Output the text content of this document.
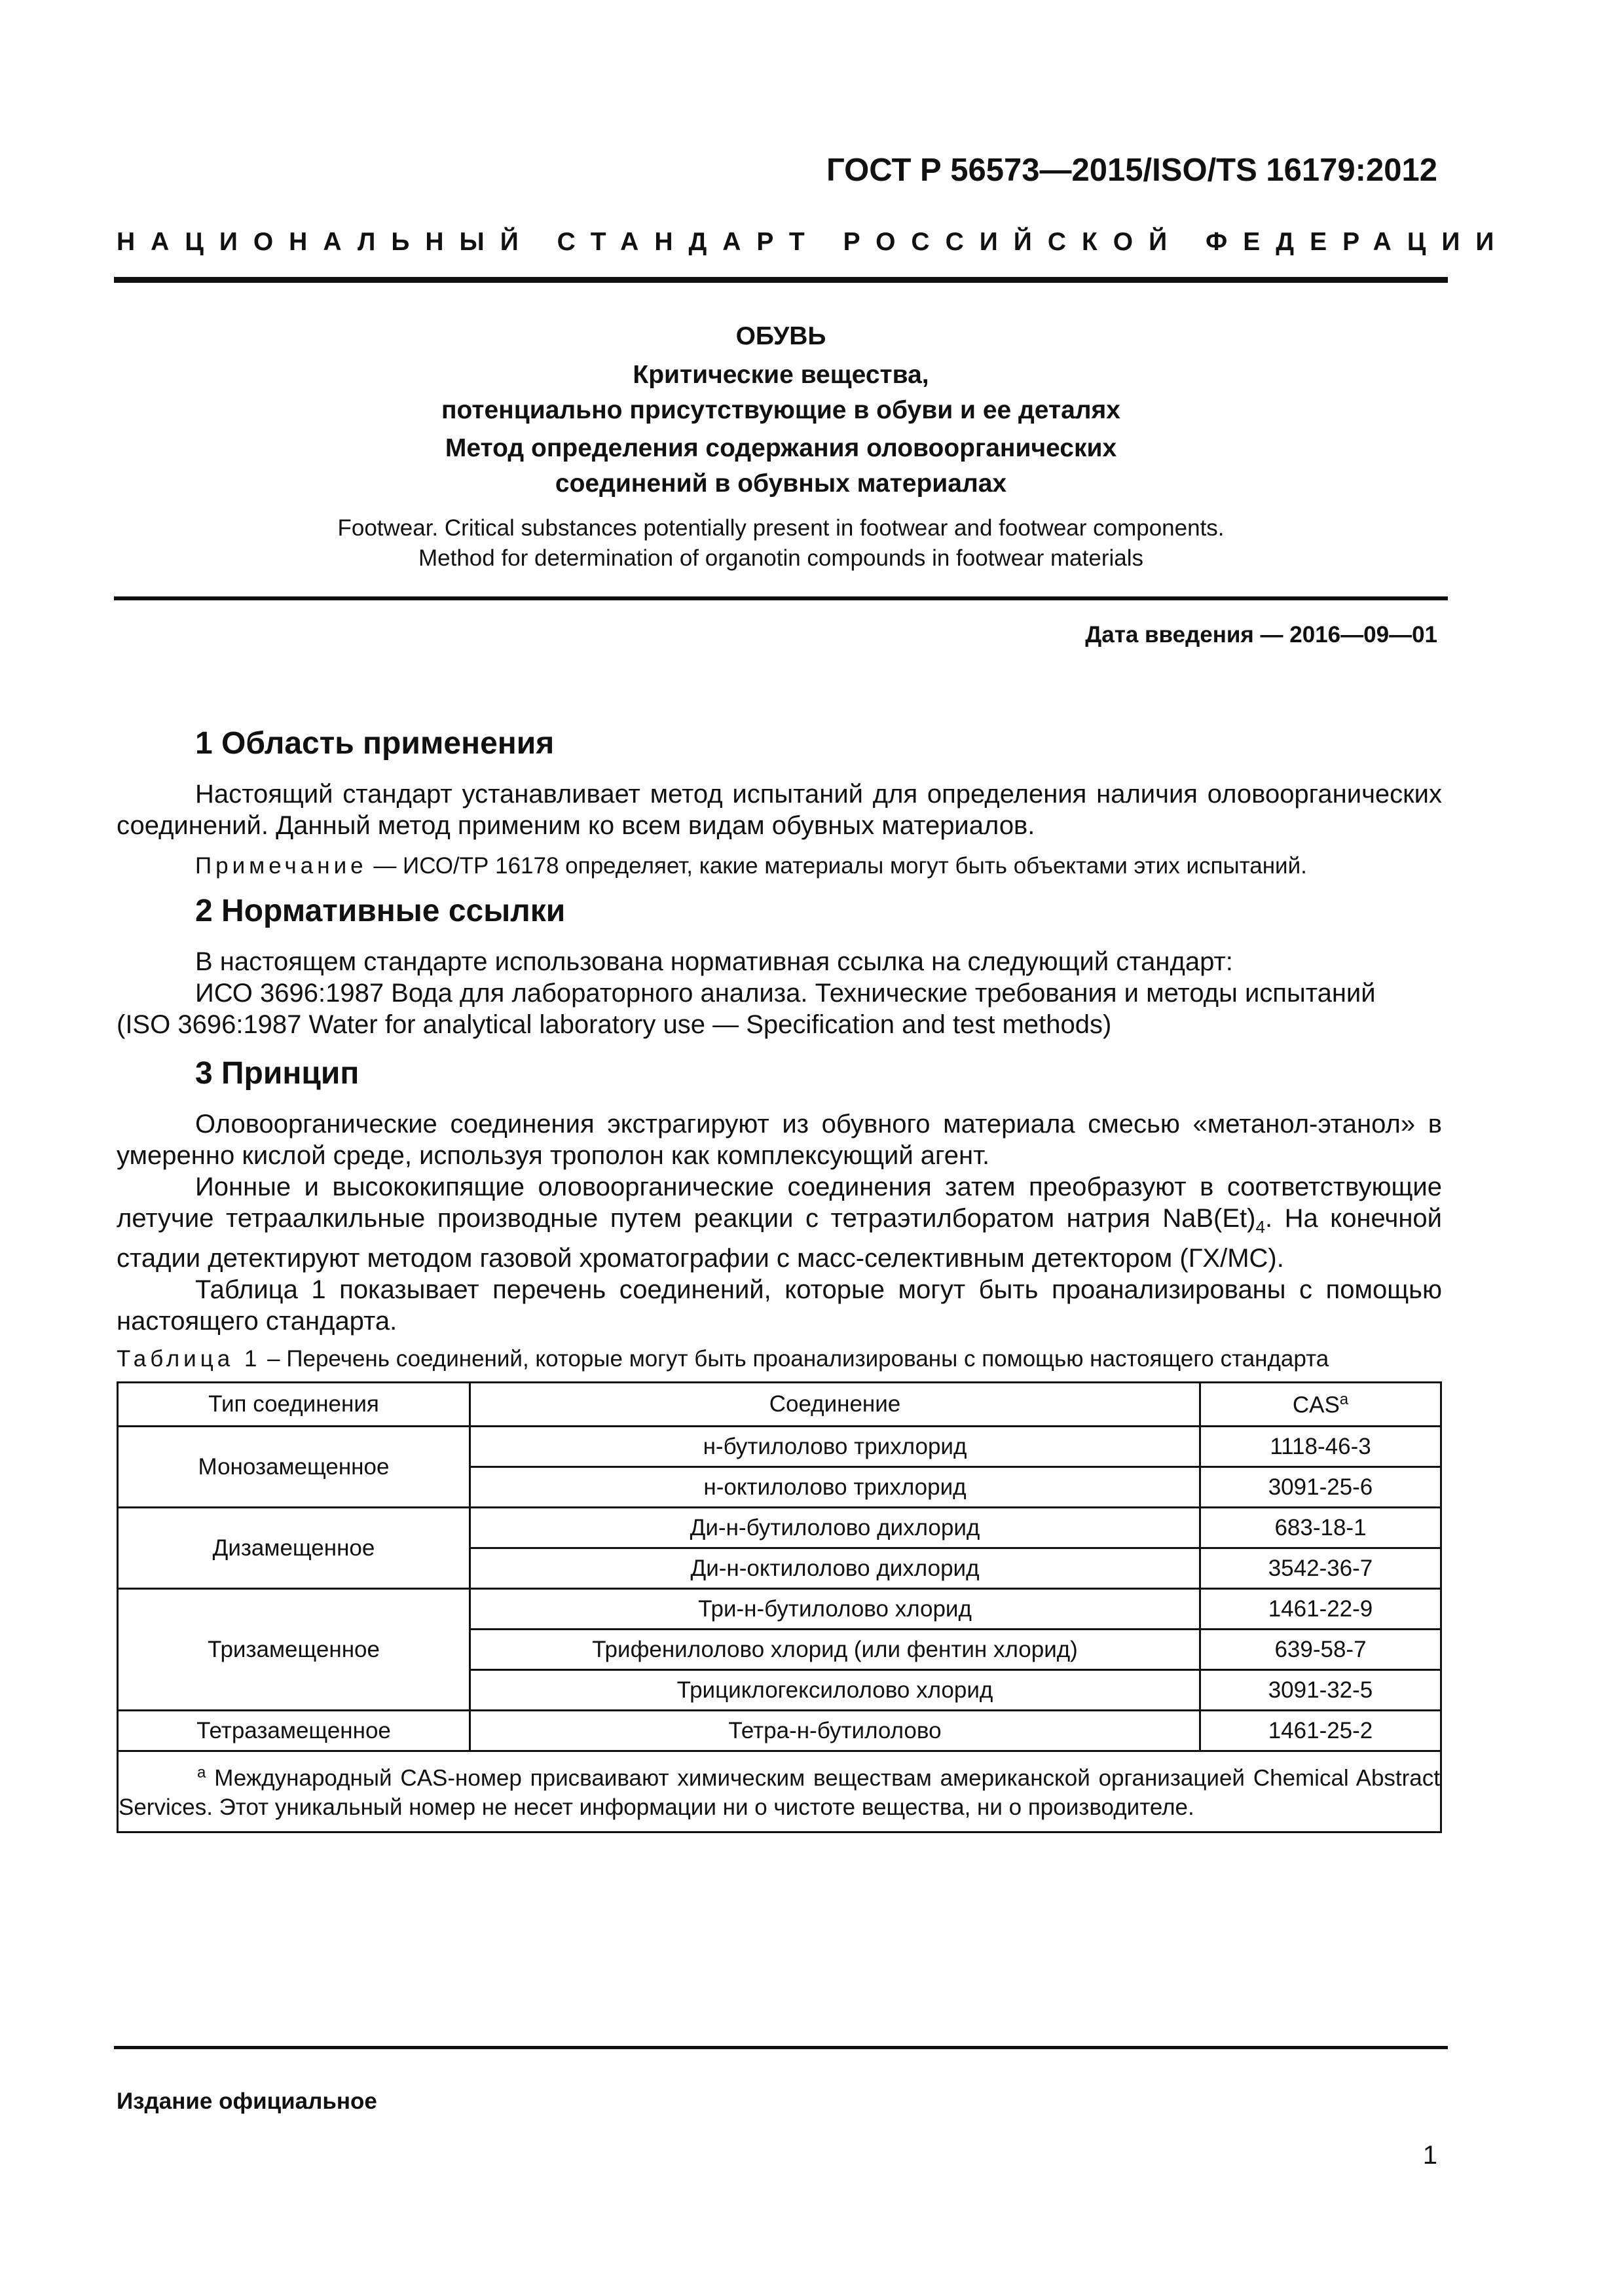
ГОСТ Р 56573—2015/ISO/TS 16179:2012
НАЦИОНАЛЬНЫЙ СТАНДАРТ РОССИЙСКОЙ ФЕДЕРАЦИИ
ОБУВЬ
Критические вещества,
потенциально присутствующие в обуви и ее деталях
Метод определения содержания оловоорганических
соединений в обувных материалах
Footwear. Critical substances potentially present in footwear and footwear components.
Method for determination of organotin compounds in footwear materials
Дата введения — 2016—09—01
1 Область применения

Настоящий стандарт устанавливает метод испытаний для определения наличия оловоорганических соединений. Данный метод применим ко всем видам обувных материалов.

Примечание — ИСО/ТР 16178 определяет, какие материалы могут быть объектами этих испытаний.
2 Нормативные ссылки

В настоящем стандарте использована нормативная ссылка на следующий стандарт:

ИСО 3696:1987 Вода для лабораторного анализа. Технические требования и методы испытаний

(ISO 3696:1987 Water for analytical laboratory use — Specification and test methods)

3 Принцип

Оловоорганические соединения экстрагируют из обувного материала смесью «метанол-этанол» в умеренно кислой среде, используя трополон как комплексующий агент.

Ионные и высококипящие оловоорганические соединения затем преобразуют в соответствующие летучие тетраалкильные производные путем реакции с тетраэтилборатом натрия $NaB(Et)_4$. На конечной стадии детектируют методом газовой хроматографии с масс-селективным детектором (ГХ/МС).

Таблица 1 показывает перечень соединений, которые могут быть проанализированы с помощью настоящего стандарта.

Таблица 1 – Перечень соединений, которые могут быть проанализированы с помощью настоящего стандарта
Тип соединения	Соединение	CAS$^a$
Монозамещенное	н-бутилолово трихлорид	1118-46-3
	н-октилолово трихлорид	3091-25-6
Дизамещенное	Ди-н-бутилолово дихлорид	683-18-1
	Ди-н-октилолово дихлорид	3542-36-7
Тризамещенное	Три-н-бутилолово хлорид	1461-22-9
	Трифенилолово хлорид (или фентин хлорид)	639-58-7
	Трициклогексилолово хлорид	3091-32-5
Тетразамещенное	Тетра-н-бутилолово	1461-25-2

$^a$ Международный CAS-номер присваивают химическим веществам американской организацией Chemical Abstract Services. Этот уникальный номер не несет информации ни о чистоте вещества, ни о производителе.		
Издание официальное
1
